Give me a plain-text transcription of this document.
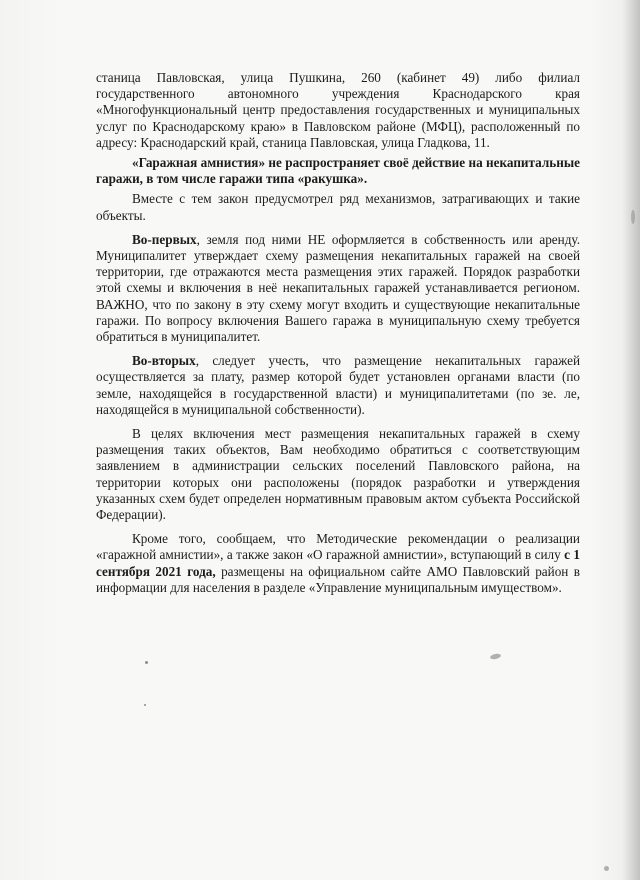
станица Павловская, улица Пушкина, 260 (кабинет 49) либо филиал государственного автономного учреждения Краснодарского края «Многофункциональный центр предоставления государственных и муниципальных услуг по Краснодарскому краю» в Павловском районе (МФЦ), расположенный по адресу: Краснодарский край, станица Павловская, улица Гладкова, 11.

«Гаражная амнистия» не распространяет своё действие на некапитальные гаражи, в том числе гаражи типа «ракушка».

Вместе с тем закон предусмотрел ряд механизмов, затрагивающих и такие объекты.

Во-первых, земля под ними НЕ оформляется в собственность или аренду. Муниципалитет утверждает схему размещения некапитальных гаражей на своей территории, где отражаются места размещения этих гаражей. Порядок разработки этой схемы и включения в неё некапитальных гаражей устанавливается регионом. ВАЖНО, что по закону в эту схему могут входить и существующие некапитальные гаражи. По вопросу включения Вашего гаража в муниципальную схему требуется обратиться в муниципалитет.

Во-вторых, следует учесть, что размещение некапитальных гаражей осуществляется за плату, размер которой будет установлен органами власти (по земле, находящейся в государственной власти) и муниципалитетами (по зе. ле, находящейся в муниципальной собственности).

В целях включения мест размещения некапитальных гаражей в схему размещения таких объектов, Вам необходимо обратиться с соответствующим заявлением в администрации сельских поселений Павловского района, на территории которых они расположены (порядок разработки и утверждения указанных схем будет определен нормативным правовым актом субъекта Российской Федерации).

Кроме того, сообщаем, что Методические рекомендации о реализации «гаражной амнистии», а также закон «О гаражной амнистии», вступающий в силу с 1 сентября 2021 года, размещены на официальном сайте АМО Павловский район в информации для населения в разделе «Управление муниципальным имуществом».
